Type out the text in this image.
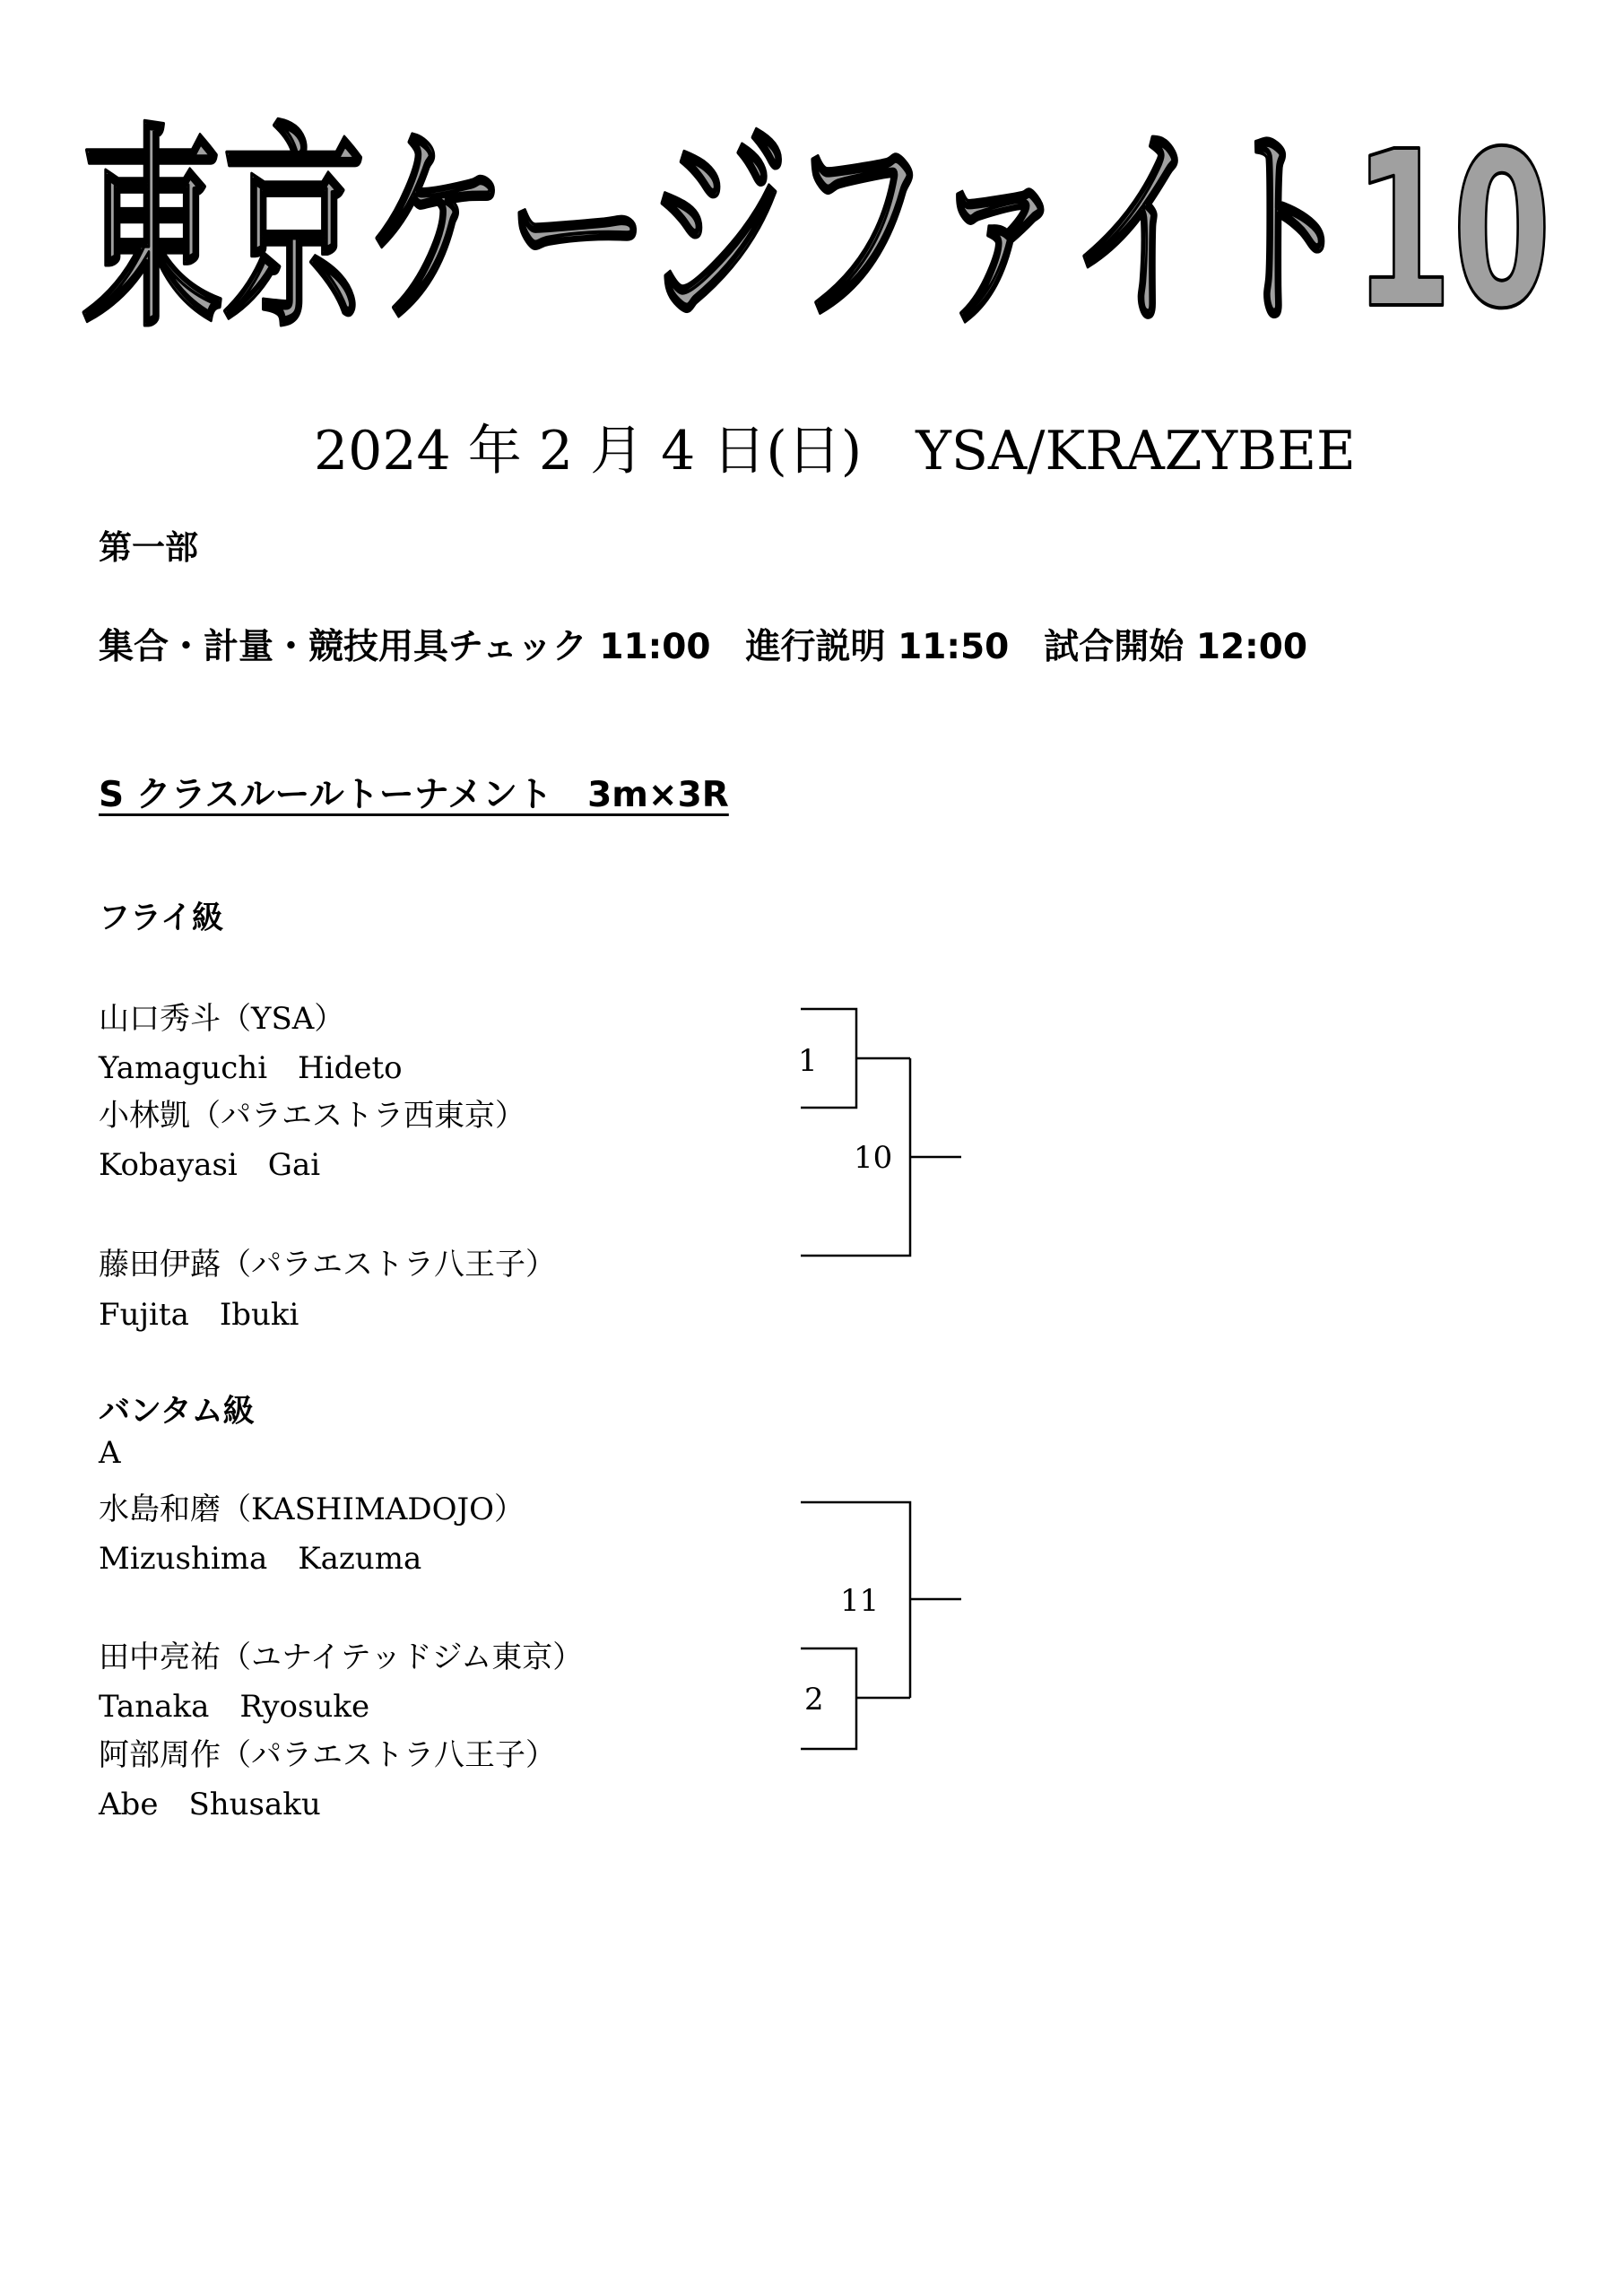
東京ケージファイト10
2024 年 2 月 4 日(日)　YSA/KRAZYBEE
第一部
集合・計量・競技用具チェック 11:00　進行説明 11:50　試合開始 12:00
S クラスルールトーナメント　3m×3R
フライ級
山口秀斗（YSA）
Yamaguchi　Hideto
小林凱（パラエストラ西東京）
Kobayasi　Gai
藤田伊蕗（パラエストラ八王子）
Fujita　Ibuki
1
10
バンタム級
A
水島和磨（KASHIMADOJO）
Mizushima　Kazuma
田中亮祐（ユナイテッドジム東京）
Tanaka　Ryosuke
阿部周作（パラエストラ八王子）
Abe　Shusaku
11
2
